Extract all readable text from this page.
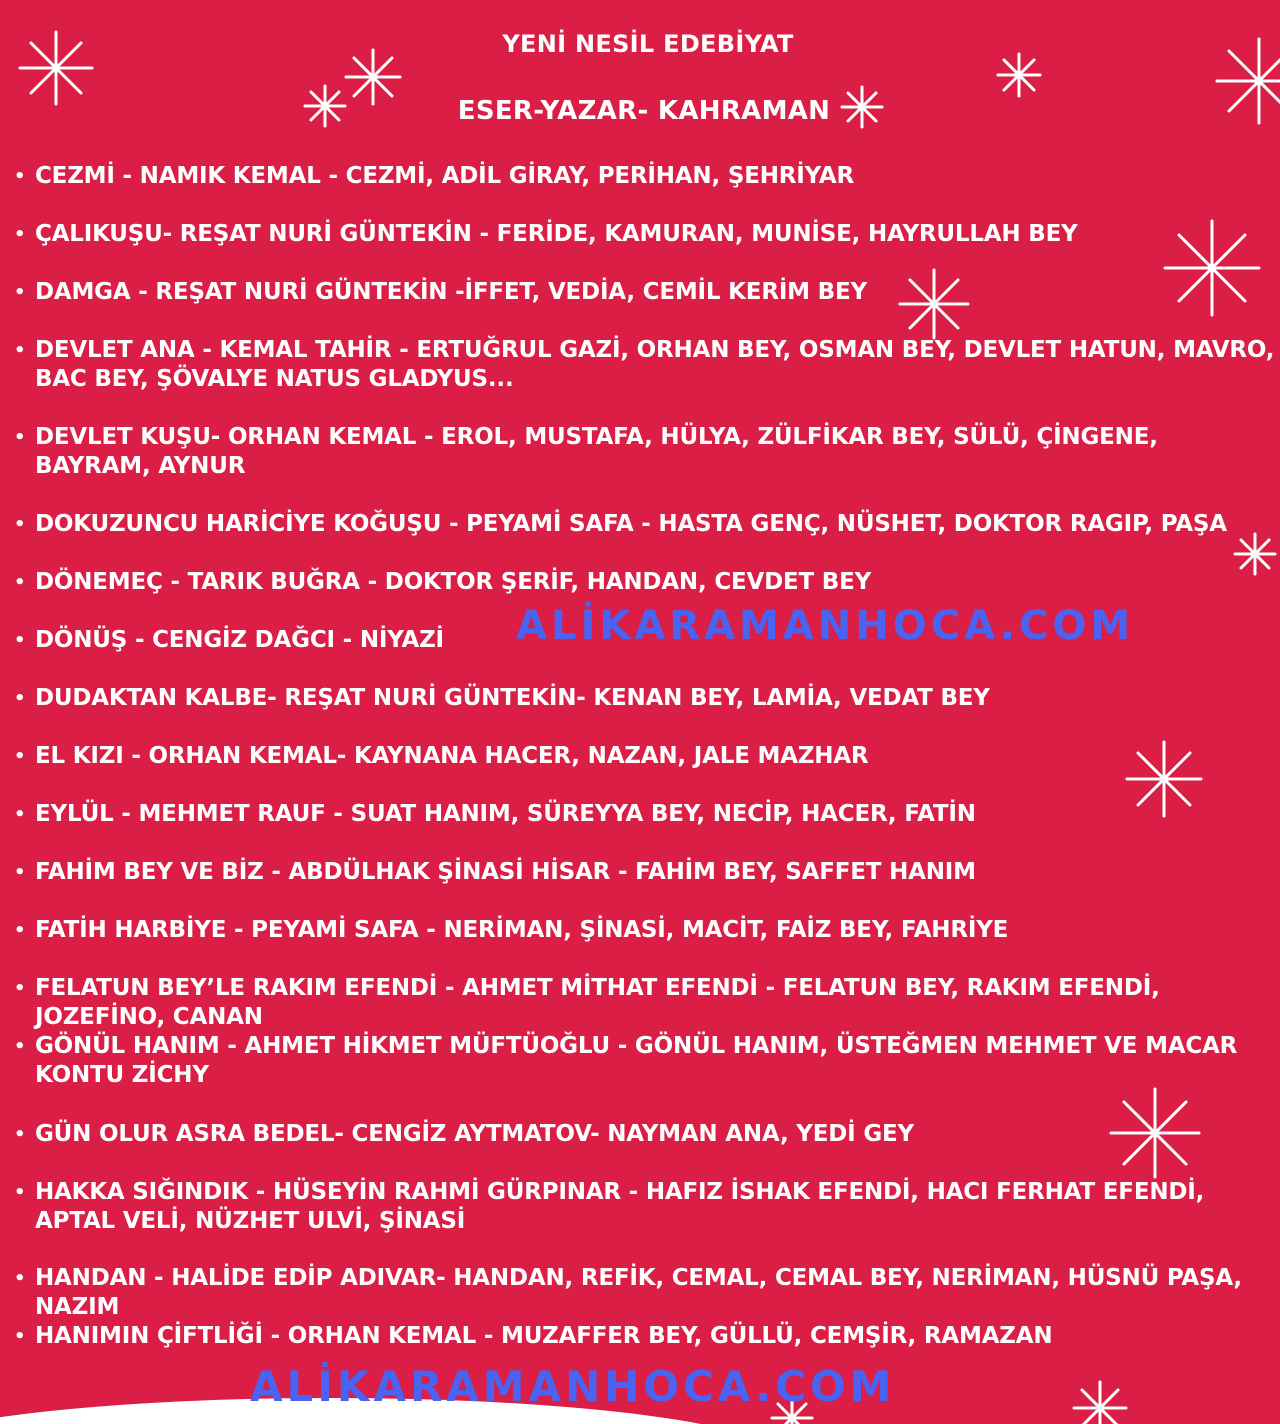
YENİ NESİL EDEBİYAT
ESER-YAZAR- KAHRAMAN
• CEZMİ - NAMIK KEMAL - CEZMİ, ADİL GİRAY, PERİHAN, ŞEHRİYAR
• ÇALIKUŞU- REŞAT NURİ GÜNTEKİN - FERİDE, KAMURAN, MUNİSE, HAYRULLAH BEY
• DAMGA - REŞAT NURİ GÜNTEKİN -İFFET, VEDİA, CEMİL KERİM BEY
• DEVLET ANA - KEMAL TAHİR - ERTUĞRUL GAZİ, ORHAN BEY, OSMAN BEY, DEVLET HATUN, MAVRO, BAC BEY, ŞÖVALYE NATUS GLADYUS...
• DEVLET KUŞU- ORHAN KEMAL - EROL, MUSTAFA, HÜLYA, ZÜLFİKAR BEY, SÜLÜ, ÇİNGENE, BAYRAM, AYNUR
• DOKUZUNCU HARİCİYE KOĞUŞU - PEYAMİ SAFA - HASTA GENÇ, NÜSHET, DOKTOR RAGIP, PAŞA
• DÖNEMEÇ - TARIK BUĞRA - DOKTOR ŞERİF, HANDAN, CEVDET BEY
• DÖNÜŞ - CENGİZ DAĞCI - NİYAZİ
• DUDAKTAN KALBE- REŞAT NURİ GÜNTEKİN- KENAN BEY, LAMİA, VEDAT BEY
• EL KIZI - ORHAN KEMAL- KAYNANA HACER, NAZAN, JALE MAZHAR
• EYLÜL - MEHMET RAUF - SUAT HANIM, SÜREYYA BEY, NECİP, HACER, FATİN
• FAHİM BEY VE BİZ - ABDÜLHAK ŞİNASİ HİSAR - FAHİM BEY, SAFFET HANIM
• FATİH HARBİYE - PEYAMİ SAFA - NERİMAN, ŞİNASİ, MACİT, FAİZ BEY, FAHRİYE
• FELATUN BEY’LE RAKIM EFENDİ - AHMET MİTHAT EFENDİ - FELATUN BEY, RAKIM EFENDİ, JOZEFİNO, CANAN
• GÖNÜL HANIM - AHMET HİKMET MÜFTÜOĞLU - GÖNÜL HANIM, ÜSTEĞMEN MEHMET VE MACAR KONTU ZİCHY
• GÜN OLUR ASRA BEDEL- CENGİZ AYTMATOV- NAYMAN ANA, YEDİ GEY
• HAKKA SIĞINDIK - HÜSEYİN RAHMİ GÜRPINAR - HAFIZ İSHAK EFENDİ, HACI FERHAT EFENDİ, APTAL VELİ, NÜZHET ULVİ, ŞİNASİ
• HANDAN - HALİDE EDİP ADIVAR- HANDAN, REFİK, CEMAL, CEMAL BEY, NERİMAN, HÜSNÜ PAŞA, NAZIM
• HANIMIN ÇİFTLİĞİ - ORHAN KEMAL - MUZAFFER BEY, GÜLLÜ, CEMŞİR, RAMAZAN
ALİKARAMANHOCA.COM
ALİKARAMANHOCA.COM
